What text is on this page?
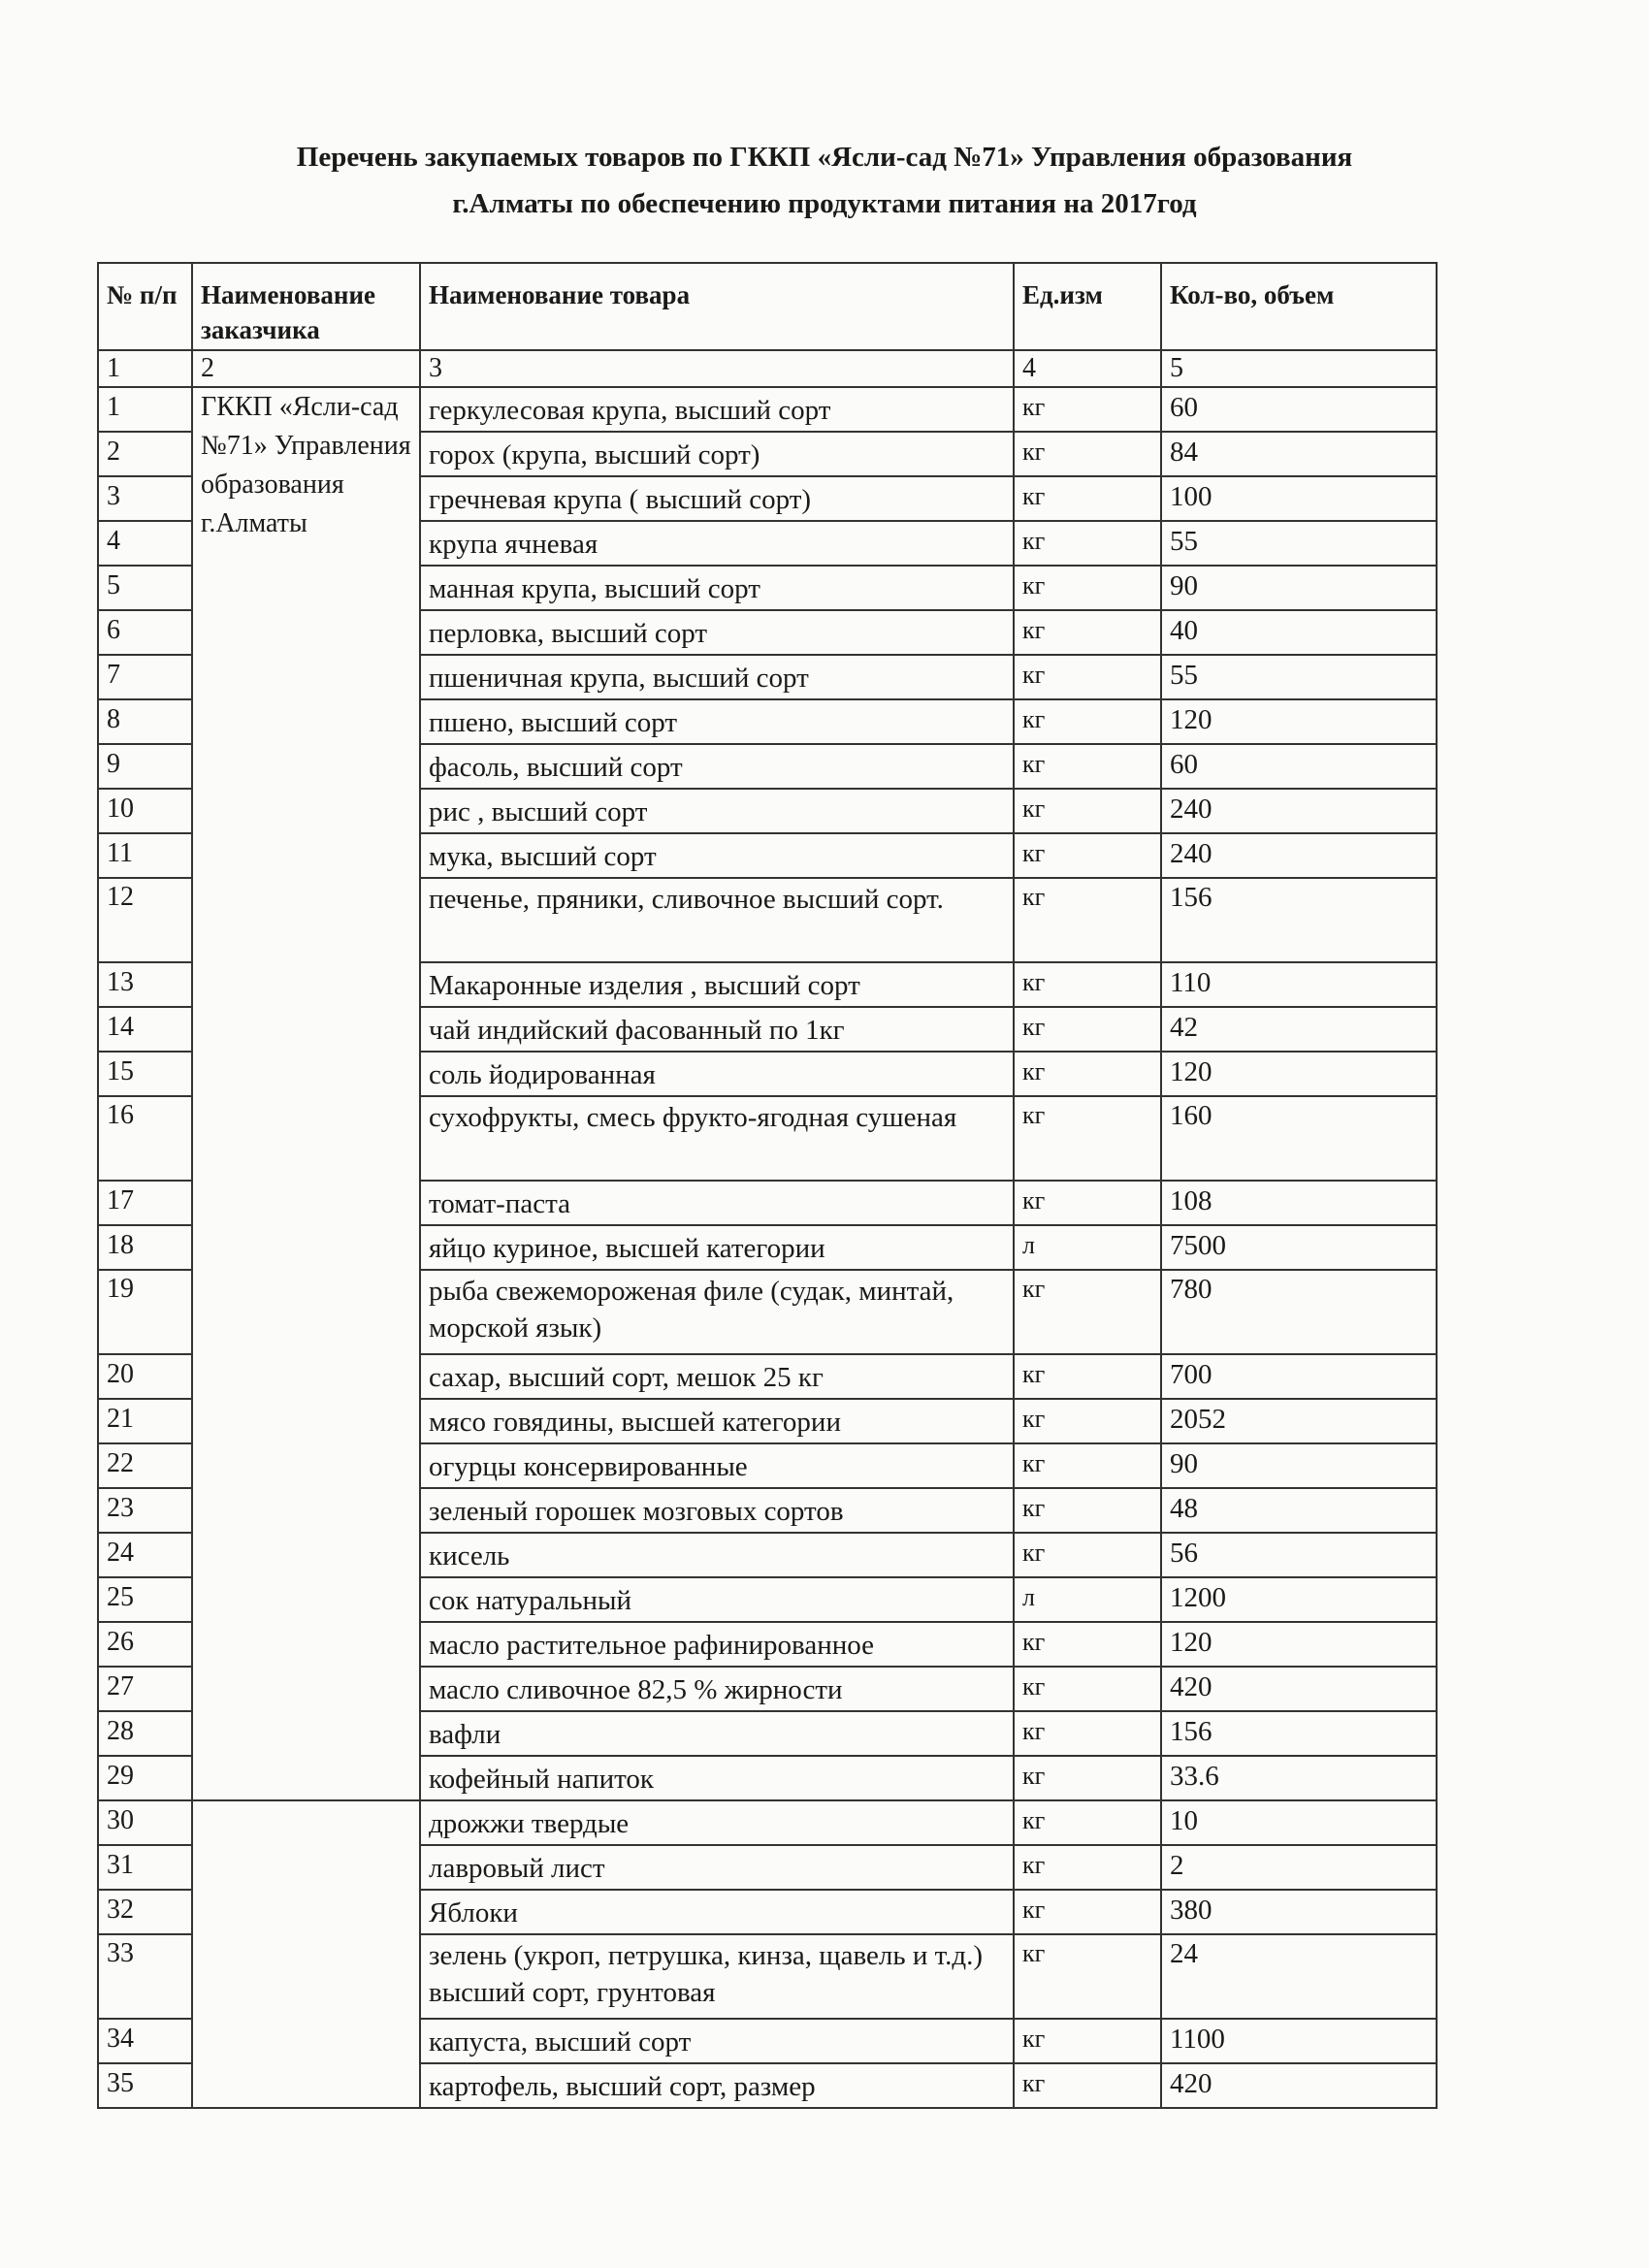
Перечень закупаемых товаров по ГККП «Ясли-сад №71» Управления образования
г.Алматы по обеспечению продуктами питания на 2017год
№ п/п	Наименование заказчика	Наименование товара	Ед.изм	Кол-во, объем
1	2	3	4	5
1	ГККП «Ясли-сад №71» Управления образования г.Алматы	геркулесовая крупа, высший сорт	кг	60
2		горох (крупа, высший сорт)	кг	84
3		гречневая крупа ( высший сорт)	кг	100
4		крупа ячневая	кг	55
5		манная крупа, высший сорт	кг	90
6		перловка, высший сорт	кг	40
7		пшеничная крупа, высший сорт	кг	55
8		пшено, высший сорт	кг	120
9		фасоль, высший сорт	кг	60
10		рис , высший сорт	кг	240
11		мука, высший сорт	кг	240
12		печенье, пряники, сливочное высший сорт.	кг	156
13		Макаронные изделия , высший сорт	кг	110
14		чай индийский фасованный по 1кг	кг	42
15		соль йодированная	кг	120
16		сухофрукты, смесь фрукто-ягодная сушеная	кг	160
17		томат-паста	кг	108
18		яйцо куриное, высшей категории	л	7500
19		рыба свежемороженая филе (судак, минтай, морской язык)	кг	780
20		сахар, высший сорт, мешок 25 кг	кг	700
21		мясо говядины, высшей категории	кг	2052
22		огурцы консервированные	кг	90
23		зеленый горошек мозговых сортов	кг	48
24		кисель	кг	56
25		сок натуральный	л	1200
26		масло растительное рафинированное	кг	120
27		масло сливочное 82,5 % жирности	кг	420
28		вафли	кг	156
29		кофейный напиток	кг	33.6
30		дрожжи твердые	кг	10
31		лавровый лист	кг	2
32		Яблоки	кг	380
33		зелень (укроп, петрушка, кинза, щавель и т.д.) высший сорт, грунтовая	кг	24
34		капуста, высший сорт	кг	1100
35		картофель, высший сорт, размер	кг	420
